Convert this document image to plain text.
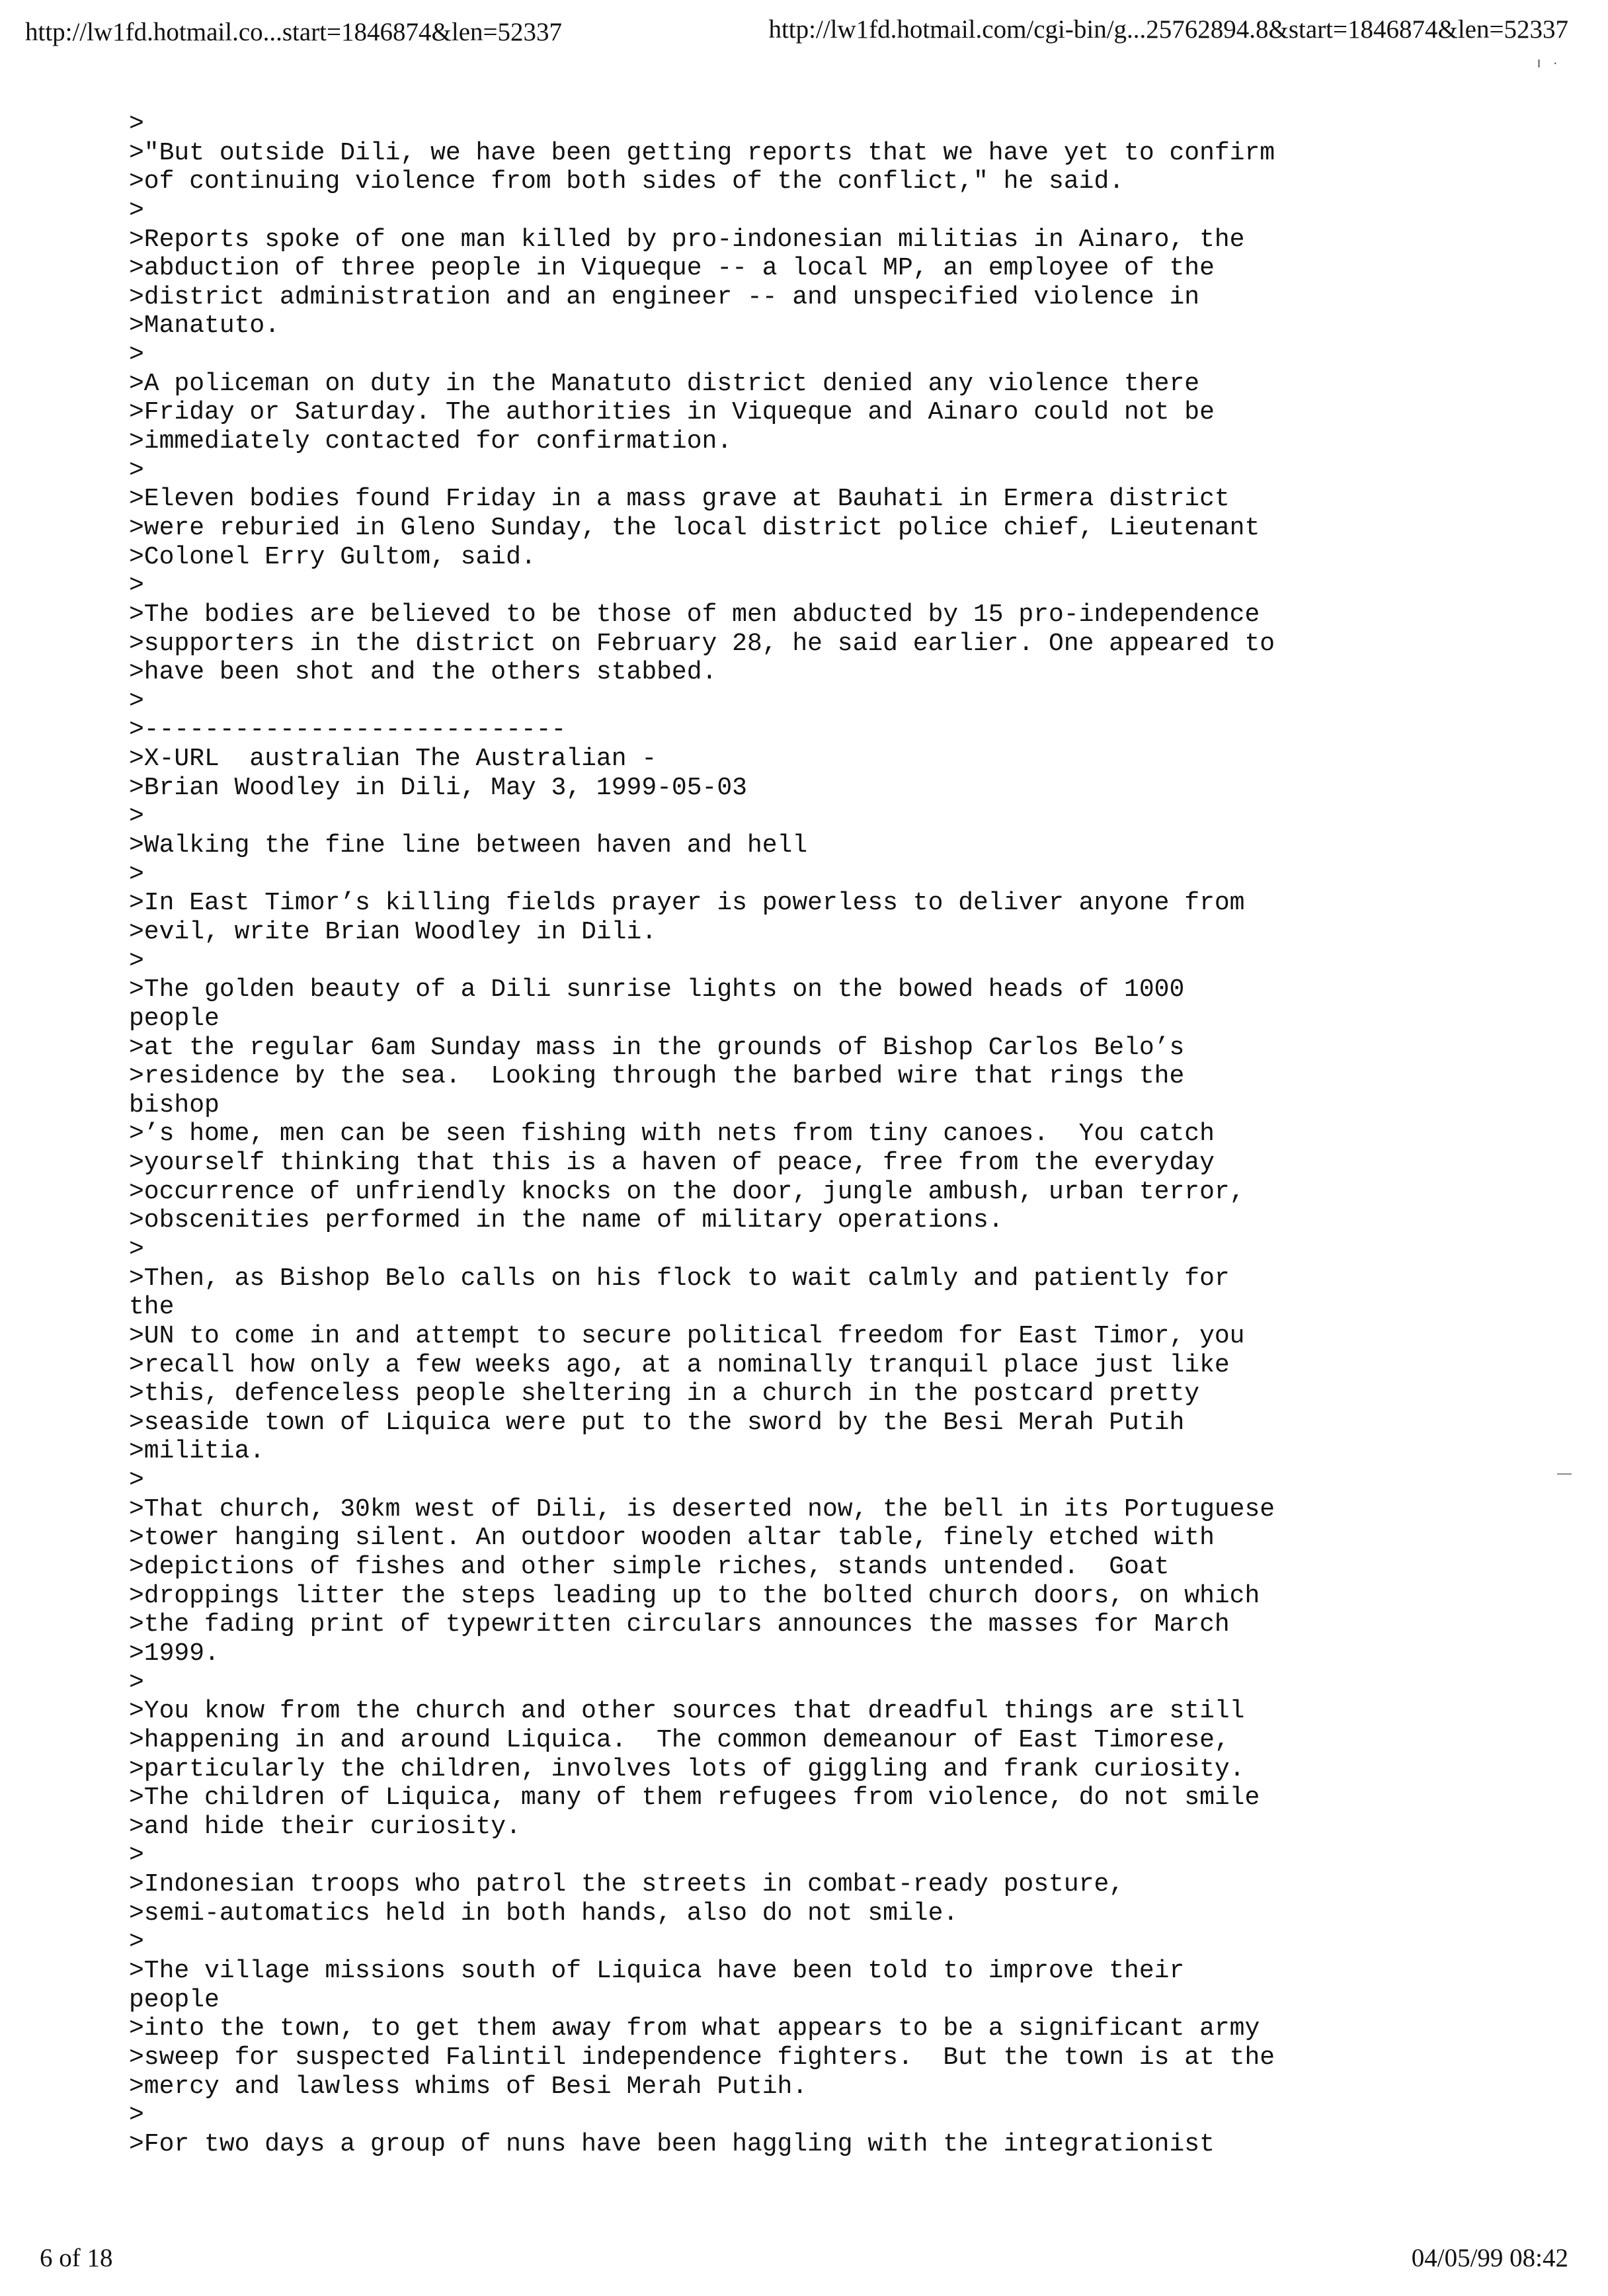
http://lw1fd.hotmail.co...start=1846874&len=52337	http://lw1fd.hotmail.com/cgi-bin/g...25762894.8&start=1846874&len=52337
ı ·
>
>"But outside Dili, we have been getting reports that we have yet to confirm
>of continuing violence from both sides of the conflict," he said.
>
>Reports spoke of one man killed by pro-indonesian militias in Ainaro, the
>abduction of three people in Viqueque -- a local MP, an employee of the
>district administration and an engineer -- and unspecified violence in
>Manatuto.
>
>A policeman on duty in the Manatuto district denied any violence there
>Friday or Saturday. The authorities in Viqueque and Ainaro could not be
>immediately contacted for confirmation.
>
>Eleven bodies found Friday in a mass grave at Bauhati in Ermera district
>were reburied in Gleno Sunday, the local district police chief, Lieutenant
>Colonel Erry Gultom, said.
>
>The bodies are believed to be those of men abducted by 15 pro-independence
>supporters in the district on February 28, he said earlier. One appeared to
>have been shot and the others stabbed.
>
>----------------------------
>X-URL  australian The Australian -
>Brian Woodley in Dili, May 3, 1999-05-03
>
>Walking the fine line between haven and hell
>
>In East Timor’s killing fields prayer is powerless to deliver anyone from
>evil, write Brian Woodley in Dili.
>
>The golden beauty of a Dili sunrise lights on the bowed heads of 1000
people
>at the regular 6am Sunday mass in the grounds of Bishop Carlos Belo’s
>residence by the sea.  Looking through the barbed wire that rings the
bishop
>’s home, men can be seen fishing with nets from tiny canoes.  You catch
>yourself thinking that this is a haven of peace, free from the everyday
>occurrence of unfriendly knocks on the door, jungle ambush, urban terror,
>obscenities performed in the name of military operations.
>
>Then, as Bishop Belo calls on his flock to wait calmly and patiently for
the
>UN to come in and attempt to secure political freedom for East Timor, you
>recall how only a few weeks ago, at a nominally tranquil place just like
>this, defenceless people sheltering in a church in the postcard pretty
>seaside town of Liquica were put to the sword by the Besi Merah Putih
>militia.
>
>That church, 30km west of Dili, is deserted now, the bell in its Portuguese
>tower hanging silent. An outdoor wooden altar table, finely etched with
>depictions of fishes and other simple riches, stands untended.  Goat
>droppings litter the steps leading up to the bolted church doors, on which
>the fading print of typewritten circulars announces the masses for March
>1999.
>
>You know from the church and other sources that dreadful things are still
>happening in and around Liquica.  The common demeanour of East Timorese,
>particularly the children, involves lots of giggling and frank curiosity.
>The children of Liquica, many of them refugees from violence, do not smile
>and hide their curiosity.
>
>Indonesian troops who patrol the streets in combat-ready posture,
>semi-automatics held in both hands, also do not smile.
>
>The village missions south of Liquica have been told to improve their
people
>into the town, to get them away from what appears to be a significant army
>sweep for suspected Falintil independence fighters.  But the town is at the
>mercy and lawless whims of Besi Merah Putih.
>
>For two days a group of nuns have been haggling with the integrationist
6 of 18	04/05/99 08:42
